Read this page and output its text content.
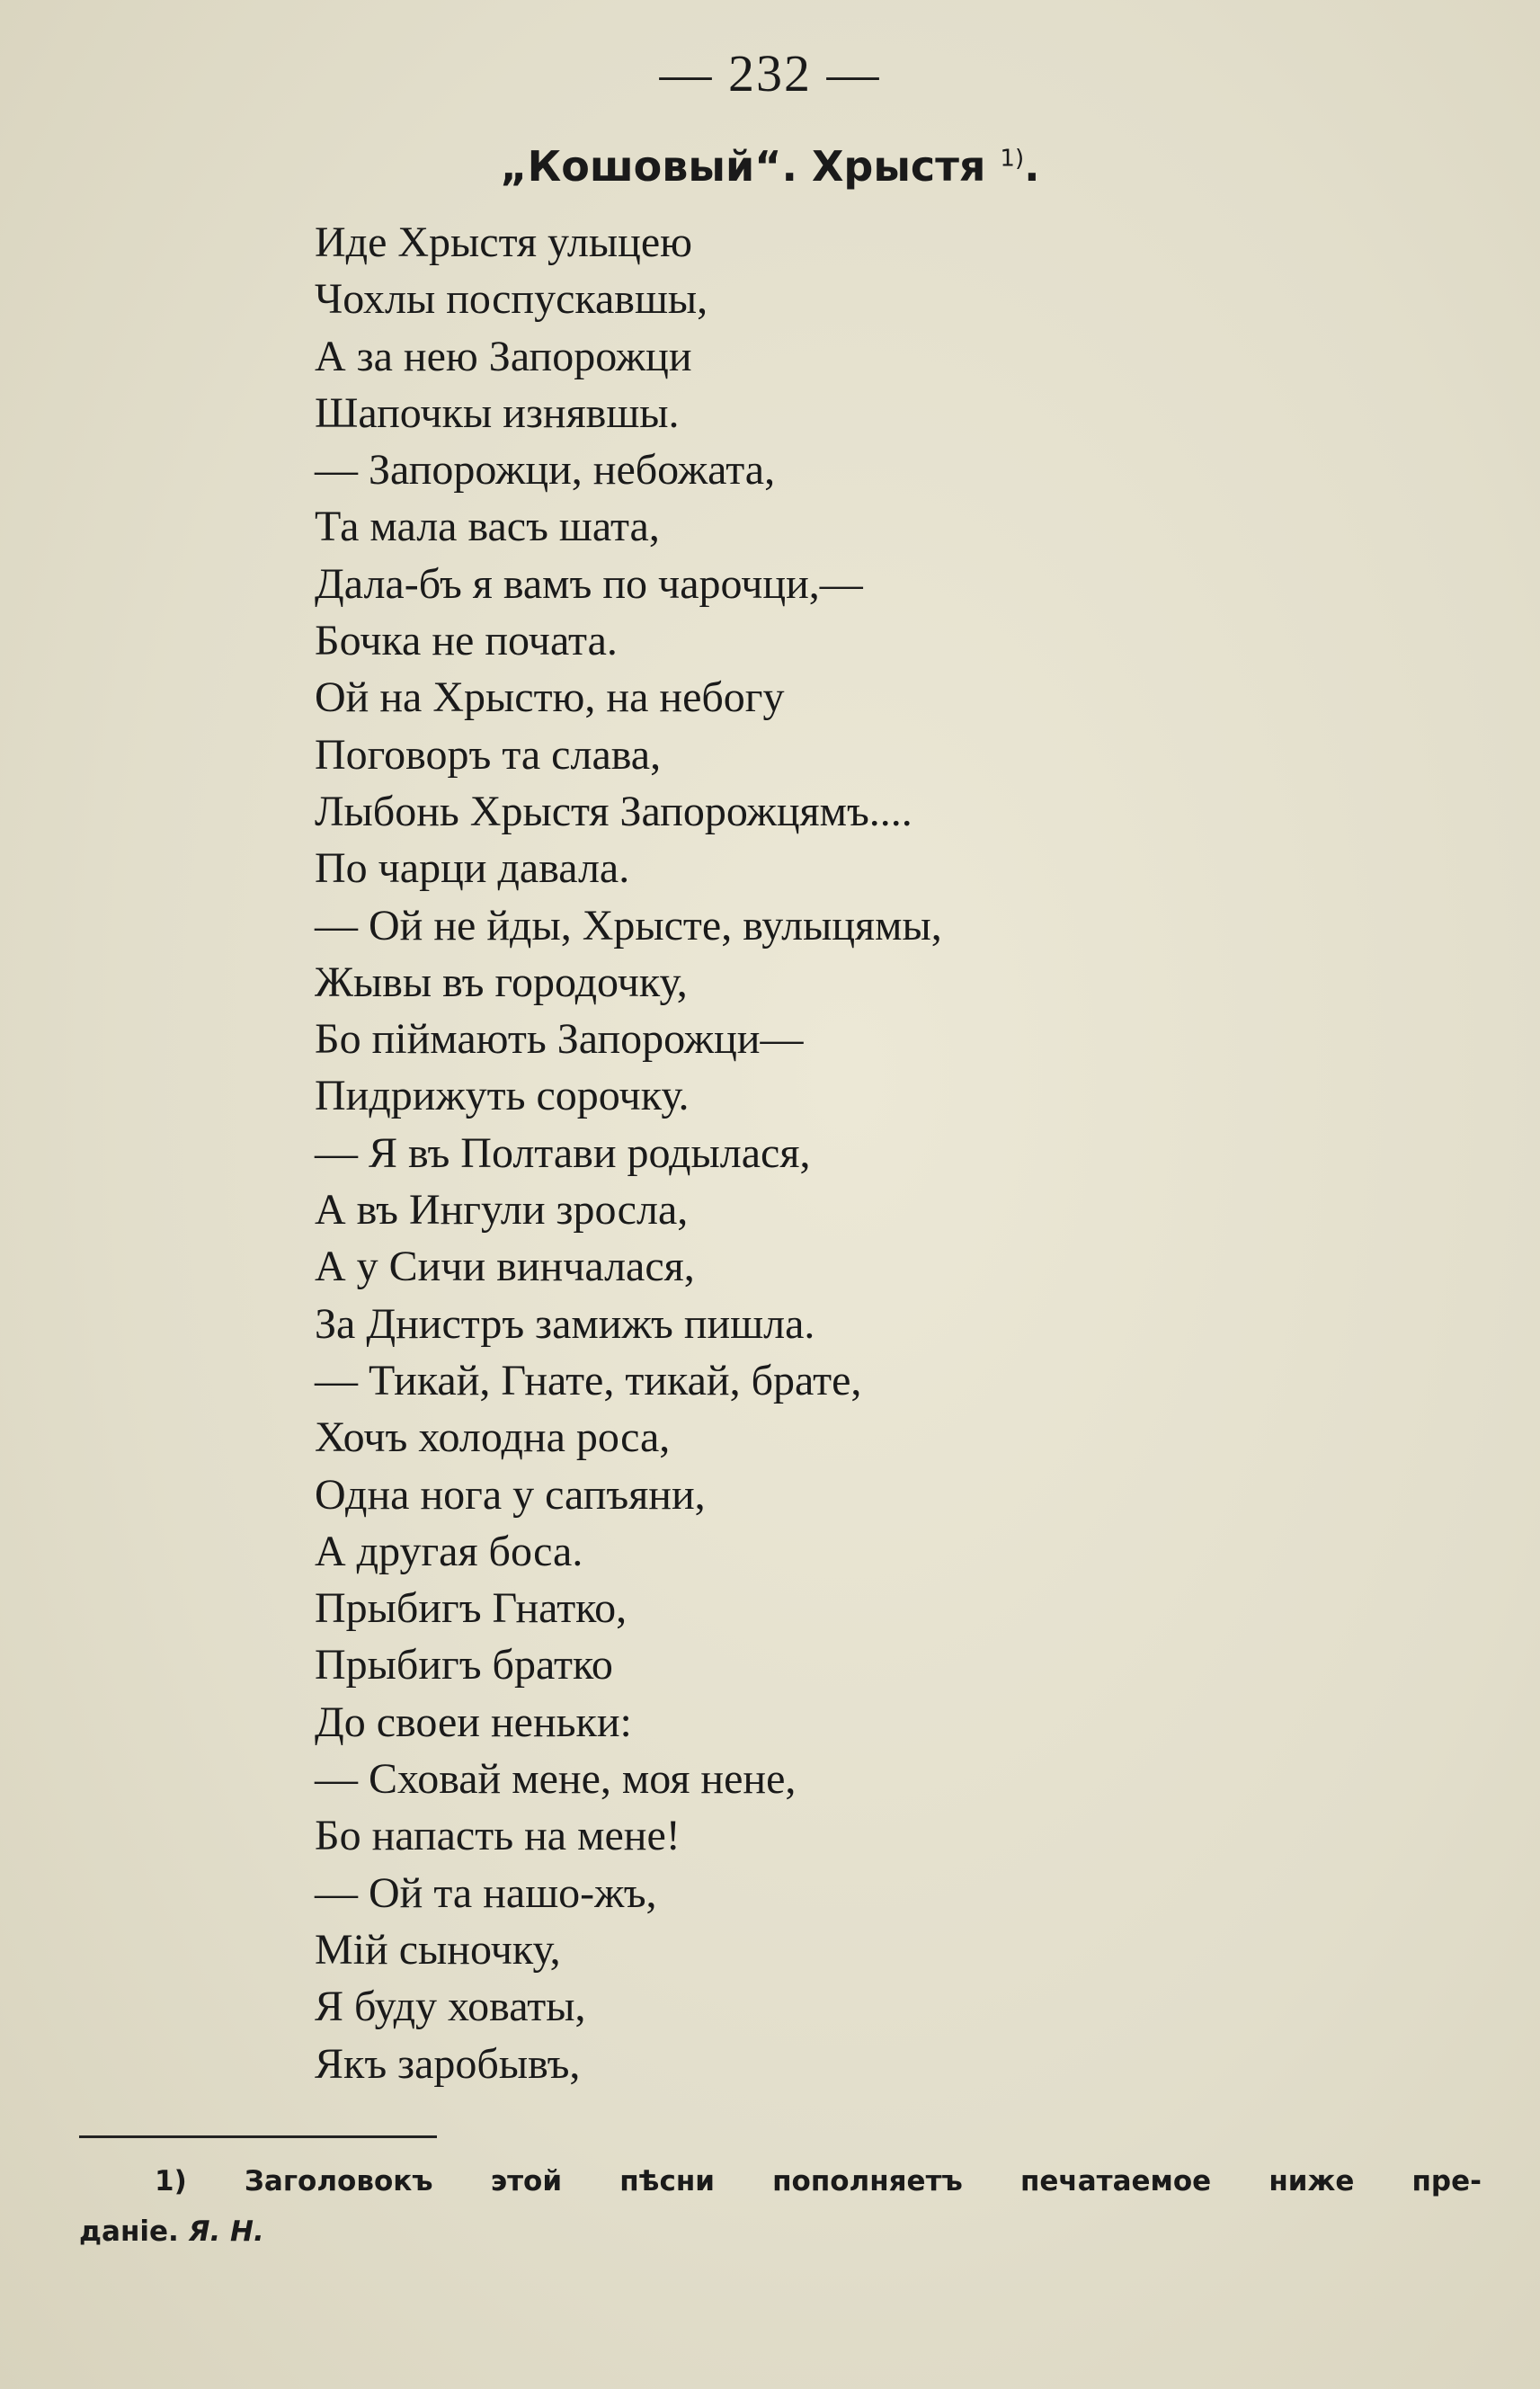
— 232 —
„Кошовый“. Хрыстя $^{1)}$.
Иде Хрыстя улыцею
Чохлы поспускавшы,
А за нею Запорожци
Шапочкы изнявшы.
— Запорожци, небожата,
Та мала васъ шата,
Дала-бъ я вамъ по чарочци,—
Бочка не почата.
Ой на Хрыстю, на небогу
Поговоръ та слава,
Лыбонь Хрыстя Запорожцямъ....
По чарци давала.
— Ой не йды, Хрысте, вулыцямы,
Жывы въ городочку,
Бо піймають Запорожци—
Пидрижуть сорочку.
— Я въ Полтави родылася,
А въ Ингули зросла,
А у Сичи винчалася,
За Днистръ замижъ пишла.
— Тикай, Гнате, тикай, брате,
Хочъ холодна роса,
Одна нога у сапъяни,
А другая боса.
Прыбигъ Гнатко,
Прыбигъ братко
До своеи неньки:
— Сховай мене, моя нене,
Бо напасть на мене!
— Ой та нашо-жъ,
Мій сыночку,
Я буду ховаты,
Якъ заробывъ,
1) Заголовокъ этой пѣсни пополняетъ печатаемое ниже пре-
даніе. Я. Н.
